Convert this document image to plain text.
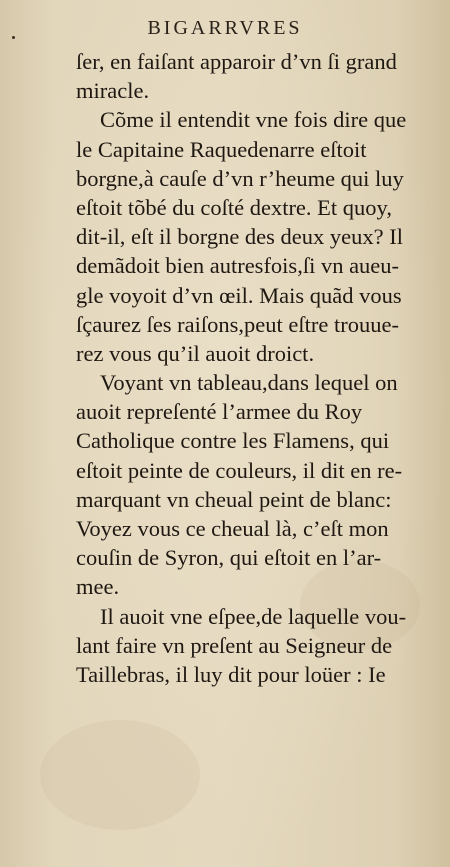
BIGARRVRES
ſer, en faiſant apparoir d’vn ſi grand
miracle.
Cõme il entendit vne fois dire que
le Capitaine Raquedenarre eſtoit
borgne,à cauſe d’vn r’heume qui luy
eſtoit tõbé du coſté dextre. Et quoy,
dit-il, eſt il borgne des deux yeux? Il
demãdoit bien autresfois,ſi vn aueu-
gle voyoit d’vn œil. Mais quãd vous
ſçaurez ſes raiſons,peut eſtre trouue-
rez vous qu’il auoit droict.
Voyant vn tableau,dans lequel on
auoit repreſenté l’armee du Roy
Catholique contre les Flamens, qui
eſtoit peinte de couleurs, il dit en re-
marquant vn cheual peint de blanc:
Voyez vous ce cheual là, c’eſt mon
couſin de Syron, qui eſtoit en l’ar-
mee.
Il auoit vne eſpee,de laquelle vou-
lant faire vn preſent au Seigneur de
Taillebras, il luy dit pour loüer : Ie
